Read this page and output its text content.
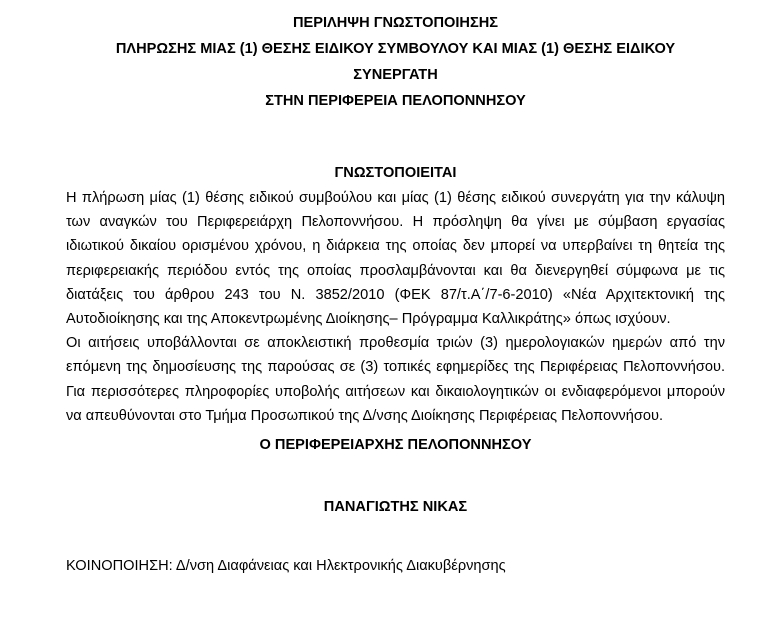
ΠΕΡΙΛΗΨΗ ΓΝΩΣΤΟΠΟΙΗΣΗΣ

ΠΛΗΡΩΣΗΣ ΜΙΑΣ (1) ΘΕΣΗΣ ΕΙΔΙΚΟΥ ΣΥΜΒΟΥΛΟΥ ΚΑΙ ΜΙΑΣ (1) ΘΕΣΗΣ ΕΙΔΙΚΟΥ

ΣΥΝΕΡΓΑΤΗ

ΣΤΗΝ ΠΕΡΙΦΕΡΕΙΑ ΠΕΛΟΠΟΝΝΗΣΟΥ

ΓΝΩΣΤΟΠΟΙΕΙΤΑΙ

Η πλήρωση μίας (1) θέσης ειδικού συμβούλου και μίας (1) θέσης ειδικού συνεργάτη για την κάλυψη των αναγκών του Περιφερειάρχη Πελοποννήσου. Η πρόσληψη θα γίνει με σύμβαση εργασίας ιδιωτικού δικαίου ορισμένου χρόνου, η διάρκεια της οποίας δεν μπορεί να υπερβαίνει τη θητεία της περιφερειακής περιόδου εντός της οποίας προσλαμβάνονται και θα διενεργηθεί σύμφωνα με τις διατάξεις του άρθρου 243 του Ν. 3852/2010 (ΦΕΚ 87/τ.Α΄/7-6-2010) «Νέα Αρχιτεκτονική της Αυτοδιοίκησης και της Αποκεντρωμένης Διοίκησης– Πρόγραμμα Καλλικράτης» όπως ισχύουν.

Οι αιτήσεις υποβάλλονται σε αποκλειστική προθεσμία τριών (3) ημερολογιακών ημερών από την επόμενη της δημοσίευσης της παρούσας σε (3) τοπικές εφημερίδες της Περιφέρειας Πελοποννήσου. Για περισσότερες πληροφορίες υποβολής αιτήσεων και δικαιολογητικών οι ενδιαφερόμενοι μπορούν να απευθύνονται στο Τμήμα Προσωπικού της Δ/νσης Διοίκησης Περιφέρειας Πελοποννήσου.

Ο ΠΕΡΙΦΕΡΕΙΑΡΧΗΣ ΠΕΛΟΠΟΝΝΗΣΟΥ

ΠΑΝΑΓΙΩΤΗΣ ΝΙΚΑΣ

ΚΟΙΝΟΠΟΙΗΣΗ: Δ/νση Διαφάνειας και Ηλεκτρονικής Διακυβέρνησης
